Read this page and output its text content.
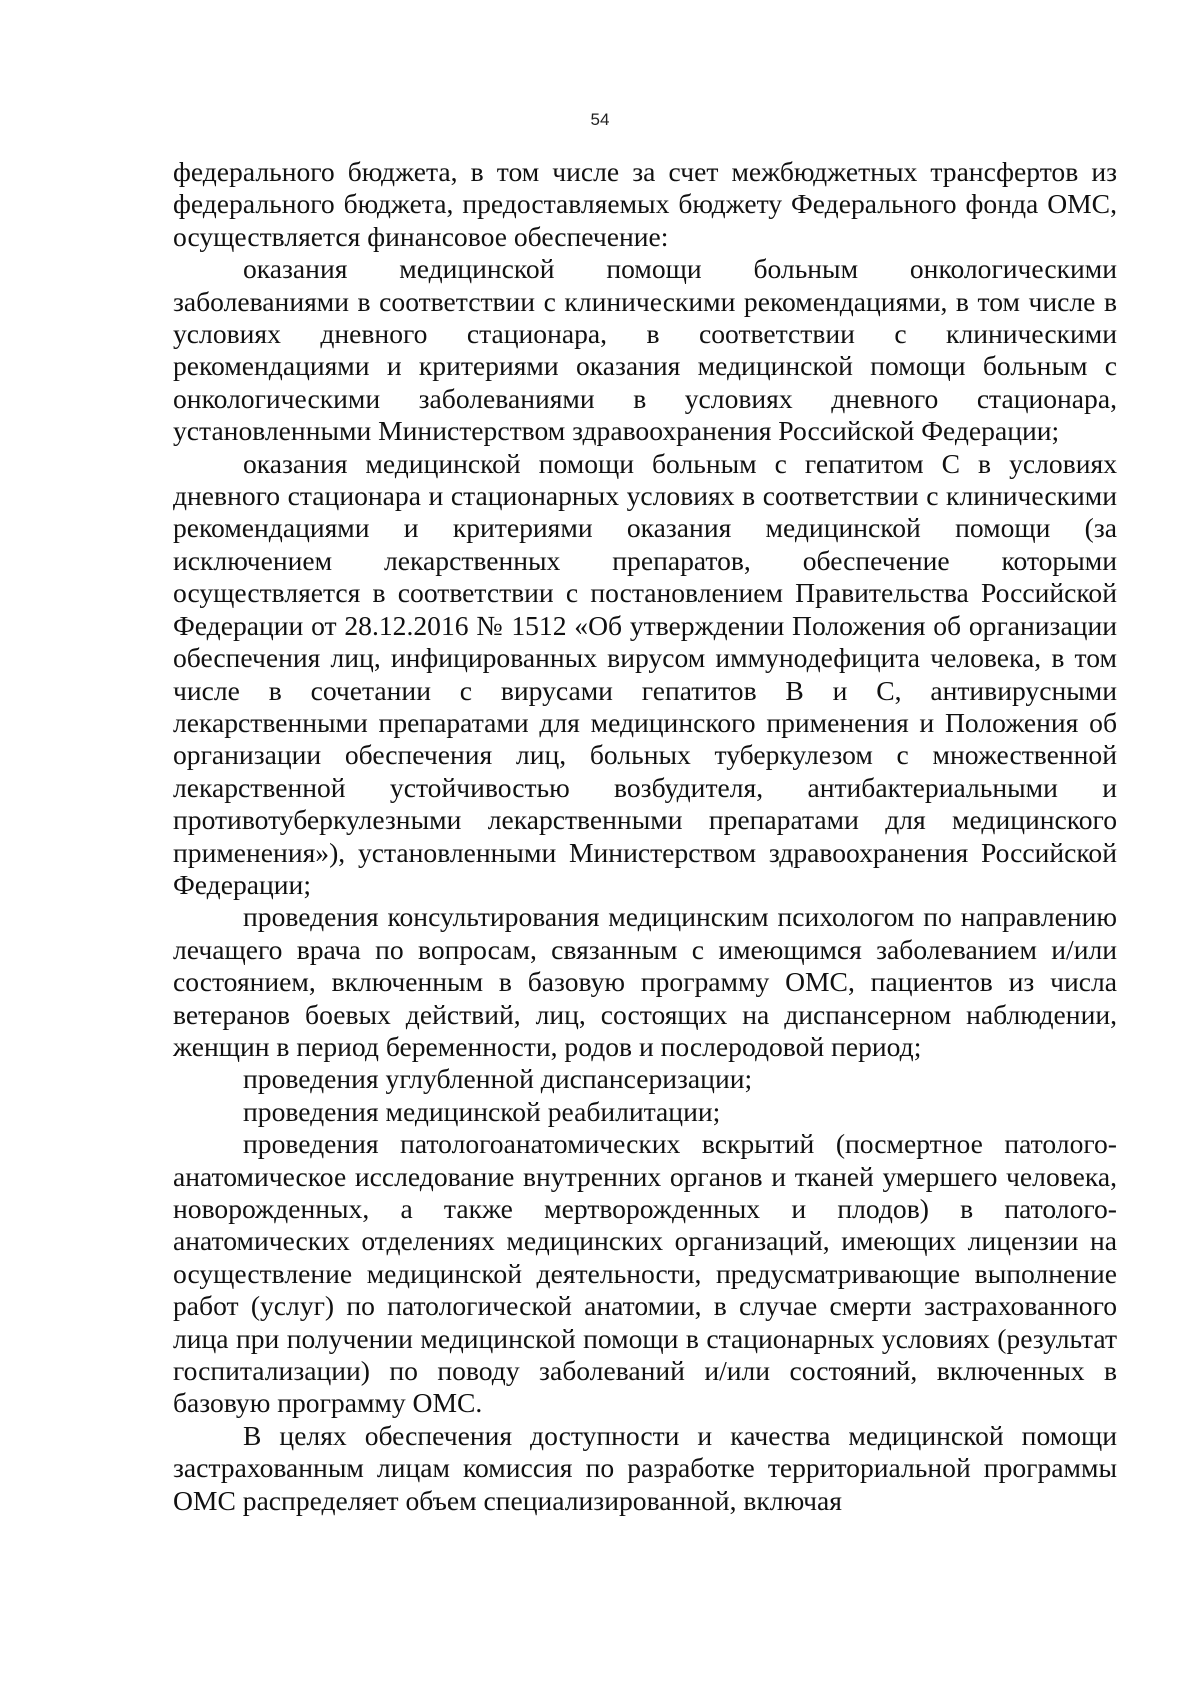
54

федерального бюджета, в том числе за счет межбюджетных трансфертов из федерального бюджета, предоставляемых бюджету Федерального фонда ОМС, осуществляется финансовое обеспечение:

оказания медицинской помощи больным онкологическими заболеваниями в соответствии с клиническими рекомендациями, в том числе в условиях дневного стационара, в соответствии с клиническими рекомендациями и критериями оказания медицинской помощи больным с онкологическими заболеваниями в условиях дневного стационара, установленными Министерством здравоохранения Российской Федерации;

оказания медицинской помощи больным с гепатитом С в условиях дневного стационара и стационарных условиях в соответствии с клиническими рекомендациями и критериями оказания медицинской помощи (за исключением лекарственных препаратов, обеспечение которыми осуществляется в соответствии с постановлением Правительства Российской Федерации от 28.12.2016 № 1512 «Об утверждении Положения об организации обеспечения лиц, инфицированных вирусом иммунодефицита человека, в том числе в сочетании с вирусами гепатитов В и С, антивирусными лекарственными препаратами для медицинского применения и Положения об организации обеспечения лиц, больных туберкулезом с множественной лекарственной устойчивостью возбудителя, антибактериальными и противотуберкулезными лекарственными препаратами для медицинского применения»), установленными Министерством здравоохранения Российской Федерации;

проведения консультирования медицинским психологом по направлению лечащего врача по вопросам, связанным с имеющимся заболеванием и/или состоянием, включенным в базовую программу ОМС, пациентов из числа ветеранов боевых действий, лиц, состоящих на диспансерном наблюдении, женщин в период беременности, родов и послеродовой период;

проведения углубленной диспансеризации;

проведения медицинской реабилитации;

проведения патологоанатомических вскрытий (посмертное патолого-анатомическое исследование внутренних органов и тканей умершего человека, новорожденных, а также мертворожденных и плодов) в патолого-анатомических отделениях медицинских организаций, имеющих лицензии на осуществление медицинской деятельности, предусматривающие выполнение работ (услуг) по патологической анатомии, в случае смерти застрахованного лица при получении медицинской помощи в стационарных условиях (результат госпитализации) по поводу заболеваний и/или состояний, включенных в базовую программу ОМС.

В целях обеспечения доступности и качества медицинской помощи застрахованным лицам комиссия по разработке территориальной программы ОМС распределяет объем специализированной, включая
